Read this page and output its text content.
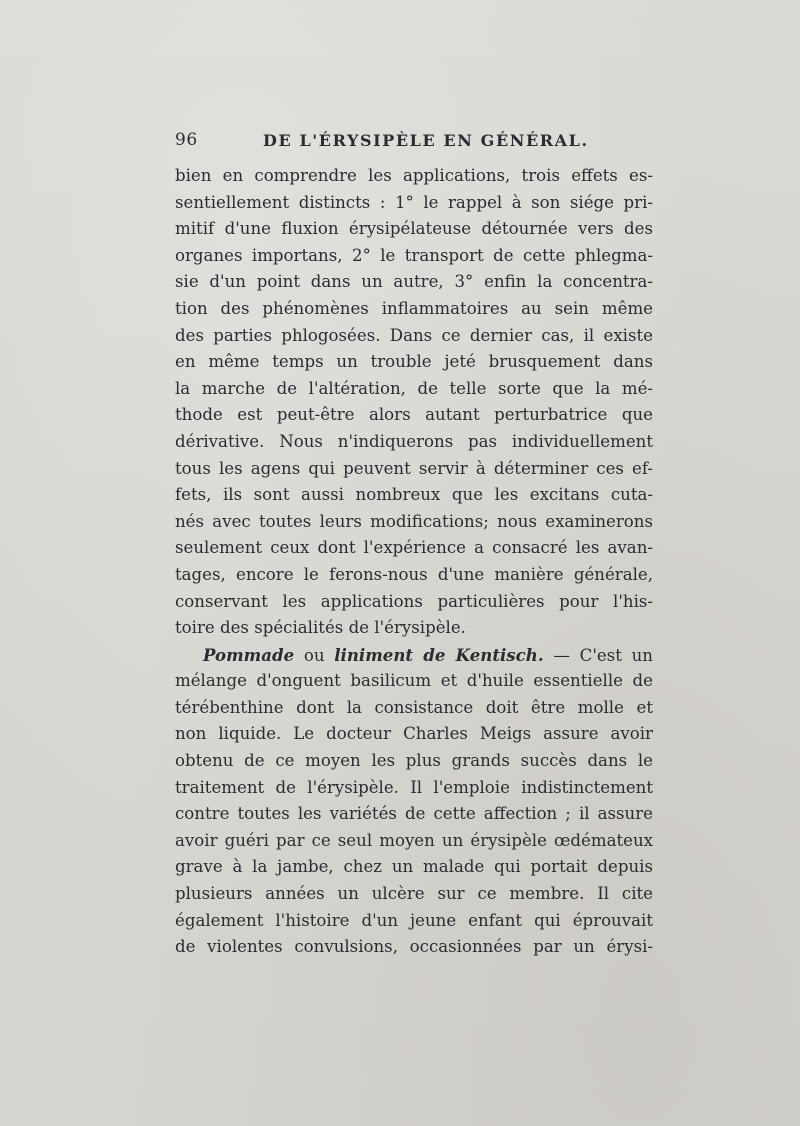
96	DE L'ÉRYSIPÈLE EN GÉNÉRAL.
bien en comprendre les applications, trois effets es-
sentiellement distincts : 1° le rappel à son siége pri-
mitif d'une fluxion érysipélateuse détournée vers des
organes importans, 2° le transport de cette phlegma-
sie d'un point dans un autre, 3° enfin la concentra-
tion des phénomènes inflammatoires au sein même
des parties phlogosées. Dans ce dernier cas, il existe
en même temps un trouble jeté brusquement dans
la marche de l'altération, de telle sorte que la mé-
thode est peut-être alors autant perturbatrice que
dérivative. Nous n'indiquerons pas individuellement
tous les agens qui peuvent servir à déterminer ces ef-
fets, ils sont aussi nombreux que les excitans cuta-
nés avec toutes leurs modifications; nous examinerons
seulement ceux dont l'expérience a consacré les avan-
tages, encore le ferons-nous d'une manière générale,
conservant les applications particulières pour l'his-
toire des spécialités de l'érysipèle.
Pommade ou liniment de Kentisch. — C'est un
mélange d'onguent basilicum et d'huile essentielle de
térébenthine dont la consistance doit être molle et
non liquide. Le docteur Charles Meigs assure avoir
obtenu de ce moyen les plus grands succès dans le
traitement de l'érysipèle. Il l'emploie indistinctement
contre toutes les variétés de cette affection ; il assure
avoir guéri par ce seul moyen un érysipèle œdémateux
grave à la jambe, chez un malade qui portait depuis
plusieurs années un ulcère sur ce membre. Il cite
également l'histoire d'un jeune enfant qui éprouvait
de violentes convulsions, occasionnées par un érysi-
